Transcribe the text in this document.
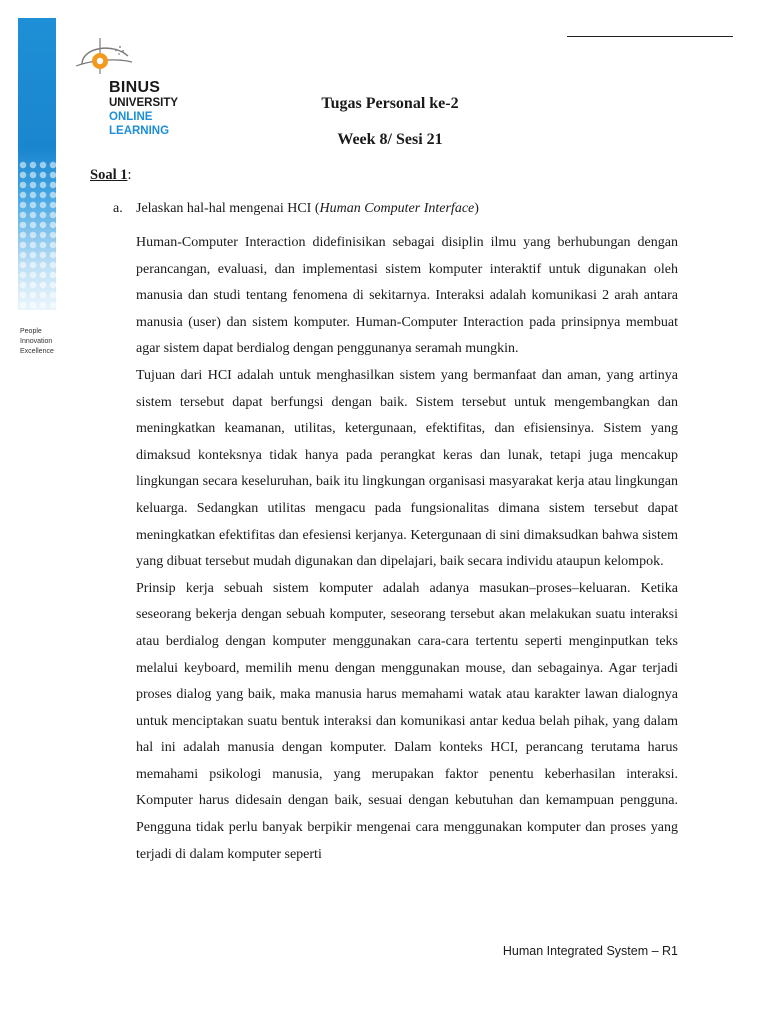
People
Innovation
Excellence
BINUS
UNIVERSITY
ONLINE
LEARNING
Tugas Personal ke-2
Week 8/ Sesi 21
Soal 1:
a. Jelaskan hal-hal mengenai HCI (Human Computer Interface)

Human-Computer Interaction didefinisikan sebagai disiplin ilmu yang berhubungan dengan perancangan, evaluasi, dan implementasi sistem komputer interaktif untuk digunakan oleh manusia dan studi tentang fenomena di sekitarnya. Interaksi adalah komunikasi 2 arah antara manusia (user) dan sistem komputer. Human-Computer Interaction pada prinsipnya membuat agar sistem dapat berdialog dengan penggunanya seramah mungkin.

Tujuan dari HCI adalah untuk menghasilkan sistem yang bermanfaat dan aman, yang artinya sistem tersebut dapat berfungsi dengan baik. Sistem tersebut untuk mengembangkan dan meningkatkan keamanan, utilitas, ketergunaan, efektifitas, dan efisiensinya. Sistem yang dimaksud konteksnya tidak hanya pada perangkat keras dan lunak, tetapi juga mencakup lingkungan secara keseluruhan, baik itu lingkungan organisasi masyarakat kerja atau lingkungan keluarga. Sedangkan utilitas mengacu pada fungsionalitas dimana sistem tersebut dapat meningkatkan efektifitas dan efesiensi kerjanya. Ketergunaan di sini dimaksudkan bahwa sistem yang dibuat tersebut mudah digunakan dan dipelajari, baik secara individu ataupun kelompok.

Prinsip kerja sebuah sistem komputer adalah adanya masukan–proses–keluaran. Ketika seseorang bekerja dengan sebuah komputer, seseorang tersebut akan melakukan suatu interaksi atau berdialog dengan komputer menggunakan cara-cara tertentu seperti menginputkan teks melalui keyboard, memilih menu dengan menggunakan mouse, dan sebagainya. Agar terjadi proses dialog yang baik, maka manusia harus memahami watak atau karakter lawan dialognya untuk menciptakan suatu bentuk interaksi dan komunikasi antar kedua belah pihak, yang dalam hal ini adalah manusia dengan komputer. Dalam konteks HCI, perancang terutama harus memahami psikologi manusia, yang merupakan faktor penentu keberhasilan interaksi. Komputer harus didesain dengan baik, sesuai dengan kebutuhan dan kemampuan pengguna. Pengguna tidak perlu banyak berpikir mengenai cara menggunakan komputer dan proses yang terjadi di dalam komputer seperti

Human Integrated System – R1
